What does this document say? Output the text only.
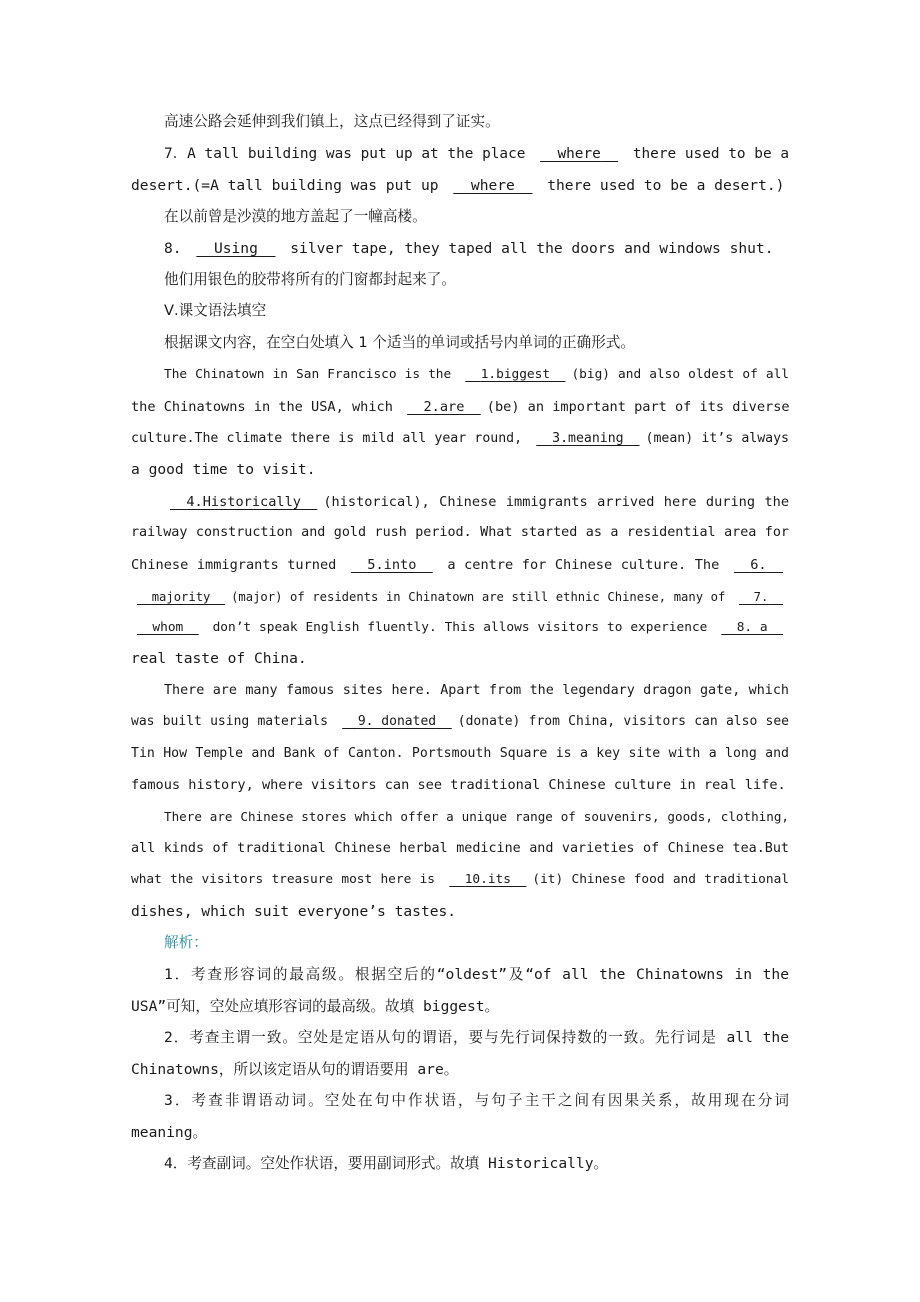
高速公路会延伸到我们镇上，这点已经得到了证实。
7．A tall building was put up at the place where there used to be a
desert.(=A tall building was put up where there used to be a desert.)
在以前曾是沙漠的地方盖起了一幢高楼。
8. Using silver tape, they taped all the doors and windows shut.
他们用银色的胶带将所有的门窗都封起来了。
Ⅴ.课文语法填空
根据课文内容，在空白处填入 1 个适当的单词或括号内单词的正确形式。
The Chinatown in San Francisco is the 1.biggest (big) and also oldest of all
the Chinatowns in the USA, which 2.are (be) an important part of its diverse
culture.The climate there is mild all year round, 3.meaning (mean) it’s always
a good time to visit.
4.Historically (historical), Chinese immigrants arrived here during the
railway construction and gold rush period. What started as a residential area for
Chinese immigrants turned 5.into a centre for Chinese culture. The 6.
majority (major) of residents in Chinatown are still ethnic Chinese, many of 7.
whom don’t speak English fluently. This allows visitors to experience 8. a
real taste of China.
There are many famous sites here. Apart from the legendary dragon gate, which
was built using materials 9. donated (donate) from China, visitors can also see
Tin How Temple and Bank of Canton. Portsmouth Square is a key site with a long and
famous history, where visitors can see traditional Chinese culture in real life.
There are Chinese stores which offer a unique range of souvenirs, goods, clothing,
all kinds of traditional Chinese herbal medicine and varieties of Chinese tea.But
what the visitors treasure most here is 10.its (it) Chinese food and traditional
dishes, which suit everyone’s tastes.
解析：
1．考查形容词的最高级。根据空后的“oldest”及“of all the Chinatowns in the
USA”可知，空处应填形容词的最高级。故填 biggest。
2．考查主谓一致。空处是定语从句的谓语，要与先行词保持数的一致。先行词是 all the
Chinatowns，所以该定语从句的谓语要用 are。
3．考查非谓语动词。空处在句中作状语，与句子主干之间有因果关系，故用现在分词
meaning。
4．考查副词。空处作状语，要用副词形式。故填 Historically。
